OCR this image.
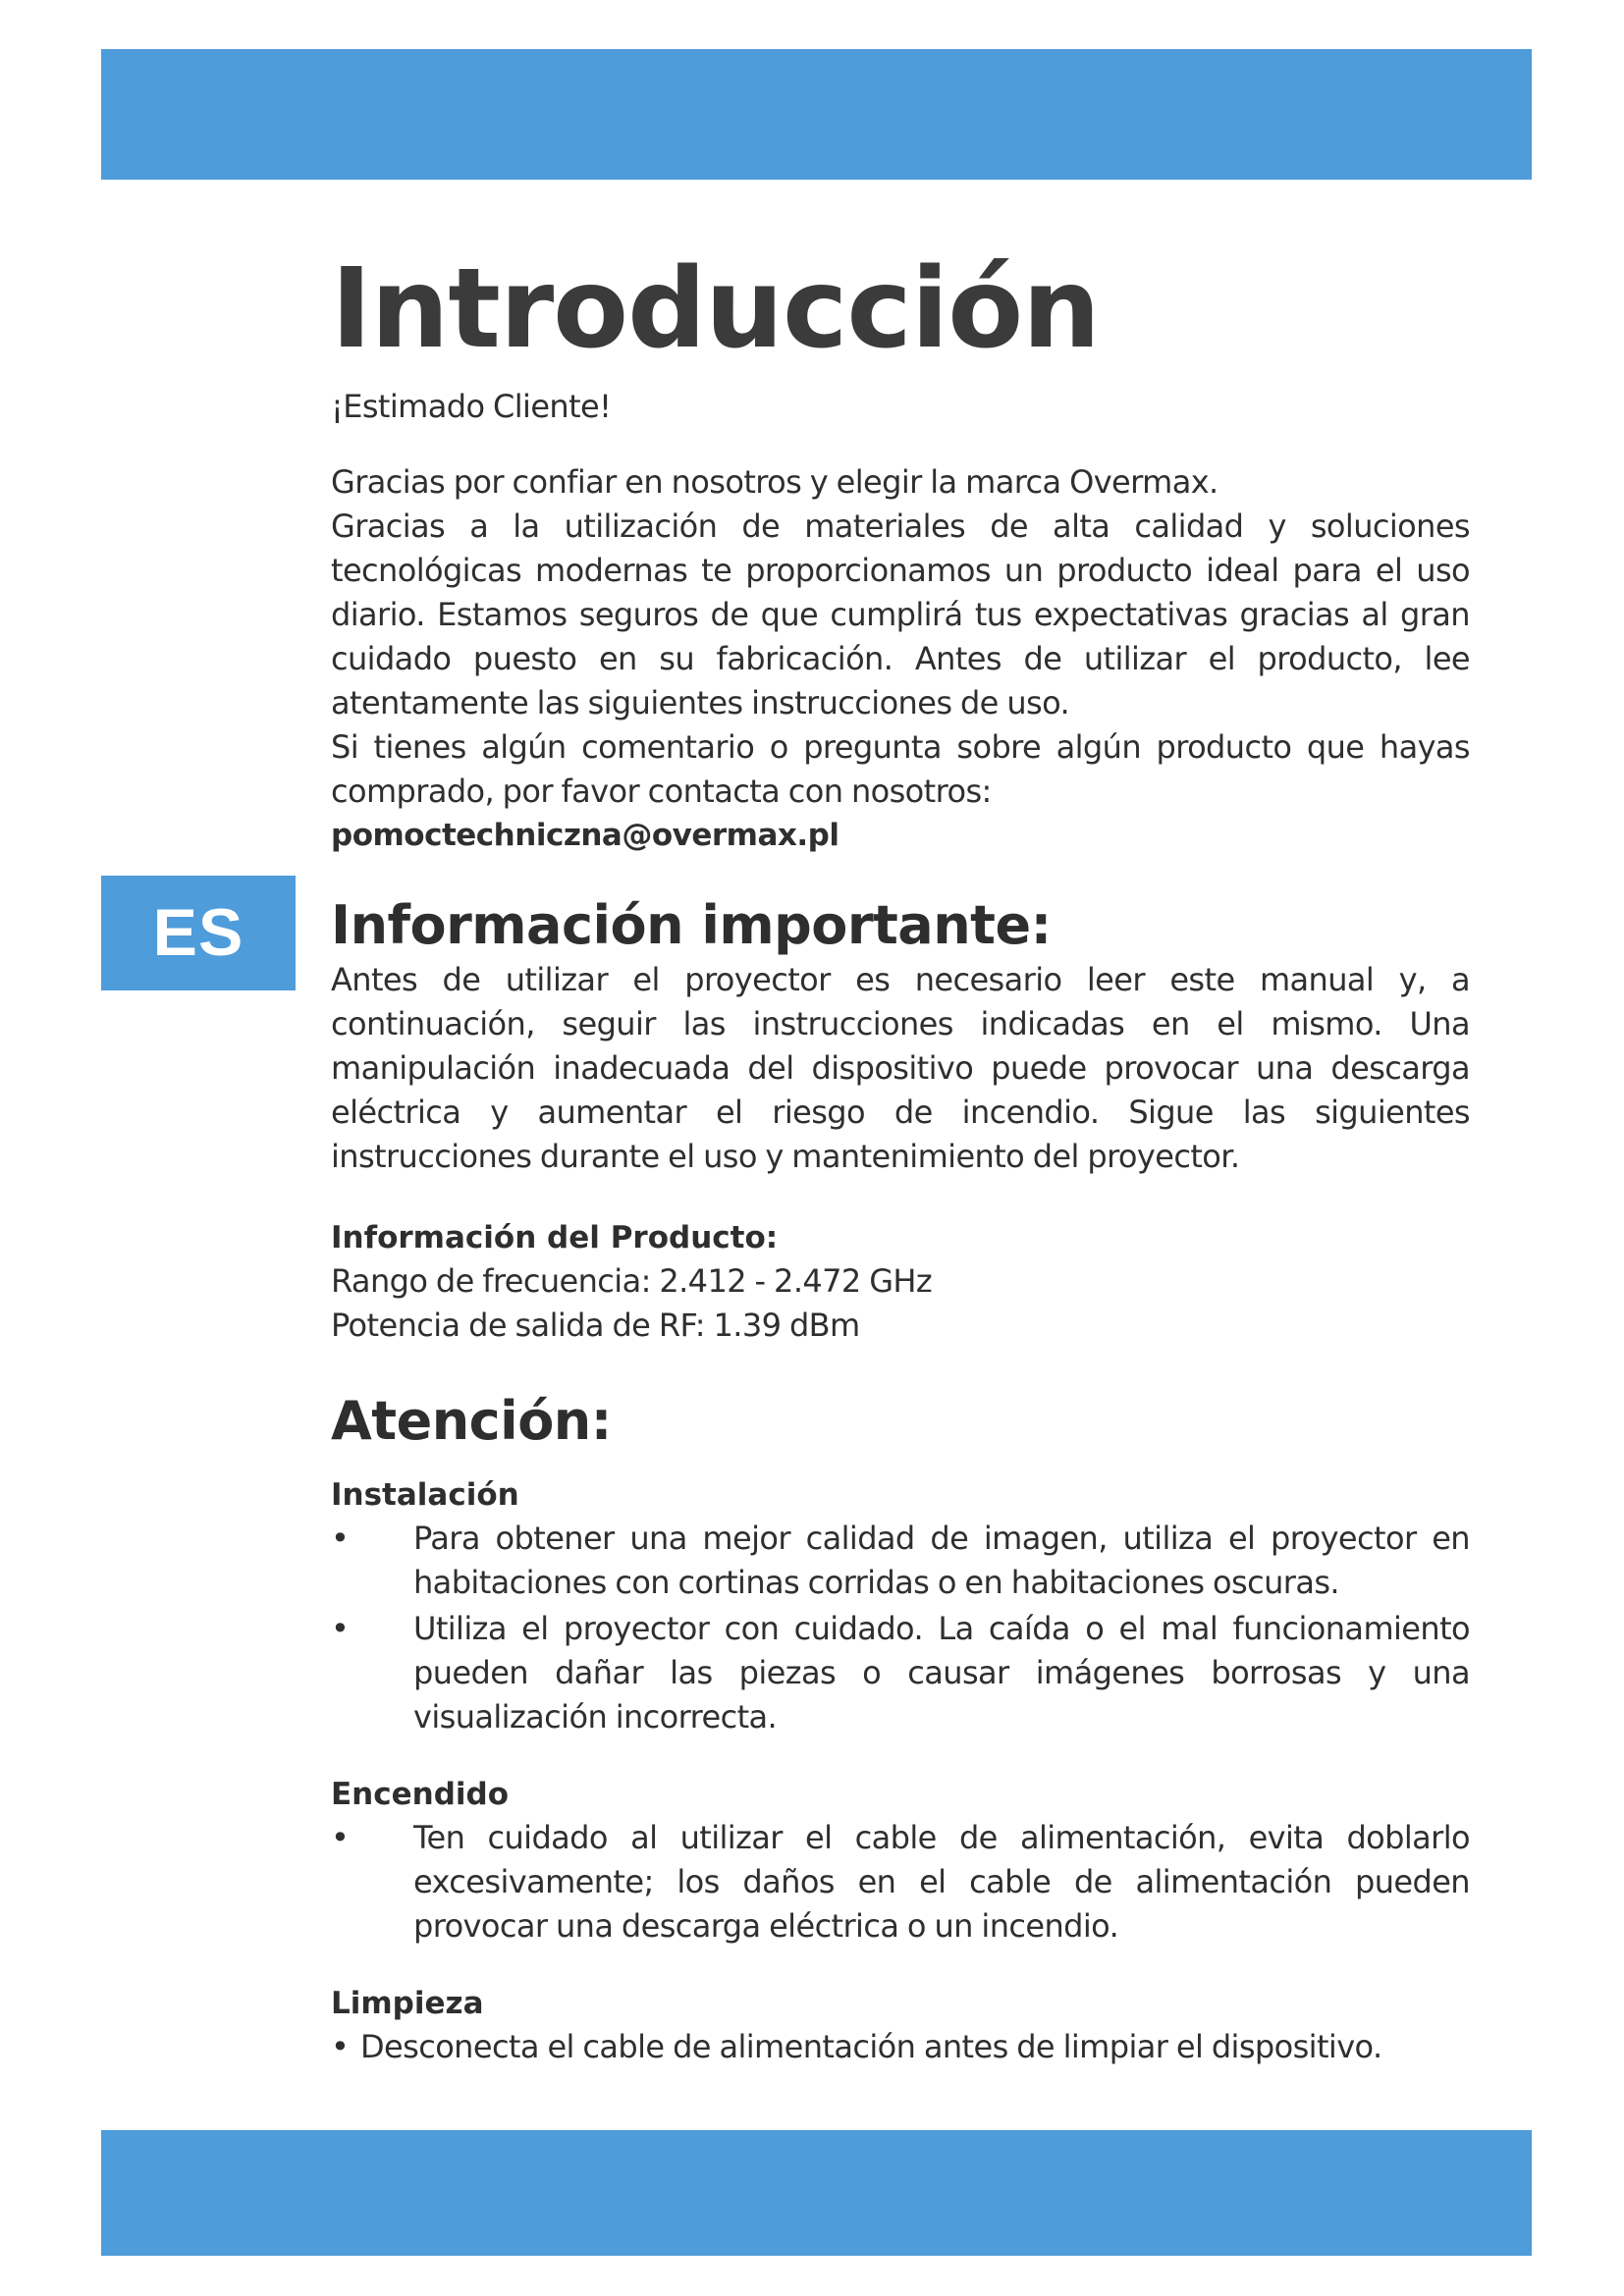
ES
Introducción

¡Estimado Cliente!

Gracias por confiar en nosotros y elegir la marca Overmax.

Gracias a la utilización de materiales de alta calidad y soluciones tecnológicas modernas te proporcionamos un producto ideal para el uso diario. Estamos seguros de que cumplirá tus expectativas gracias al gran cuidado puesto en su fabricación. Antes de utilizar el producto, lee atentamente las siguientes instrucciones de uso.

Si tienes algún comentario o pregunta sobre algún producto que hayas comprado, por favor contacta con nosotros:

pomoctechniczna@overmax.pl

Información importante:

Antes de utilizar el proyector es necesario leer este manual y, a continuación, seguir las instrucciones indicadas en el mismo. Una manipulación inadecuada del dispositivo puede provocar una descarga eléctrica y aumentar el riesgo de incendio. Sigue las siguientes instrucciones durante el uso y mantenimiento del proyector.

Información del Producto:

Rango de frecuencia: 2.412 - 2.472 GHz

Potencia de salida de RF: 1.39 dBm

Atención:
Instalación
• Para obtener una mejor calidad de imagen, utiliza el proyector en habitaciones con cortinas corridas o en habitaciones oscuras.
• Utiliza el proyector con cuidado. La caída o el mal funcionamiento pueden dañar las piezas o causar imágenes borrosas y una visualización incorrecta.
Encendido
• Ten cuidado al utilizar el cable de alimentación, evita doblarlo excesivamente; los daños en el cable de alimentación pueden provocar una descarga eléctrica o un incendio.
Limpieza
• Desconecta el cable de alimentación antes de limpiar el dispositivo.
